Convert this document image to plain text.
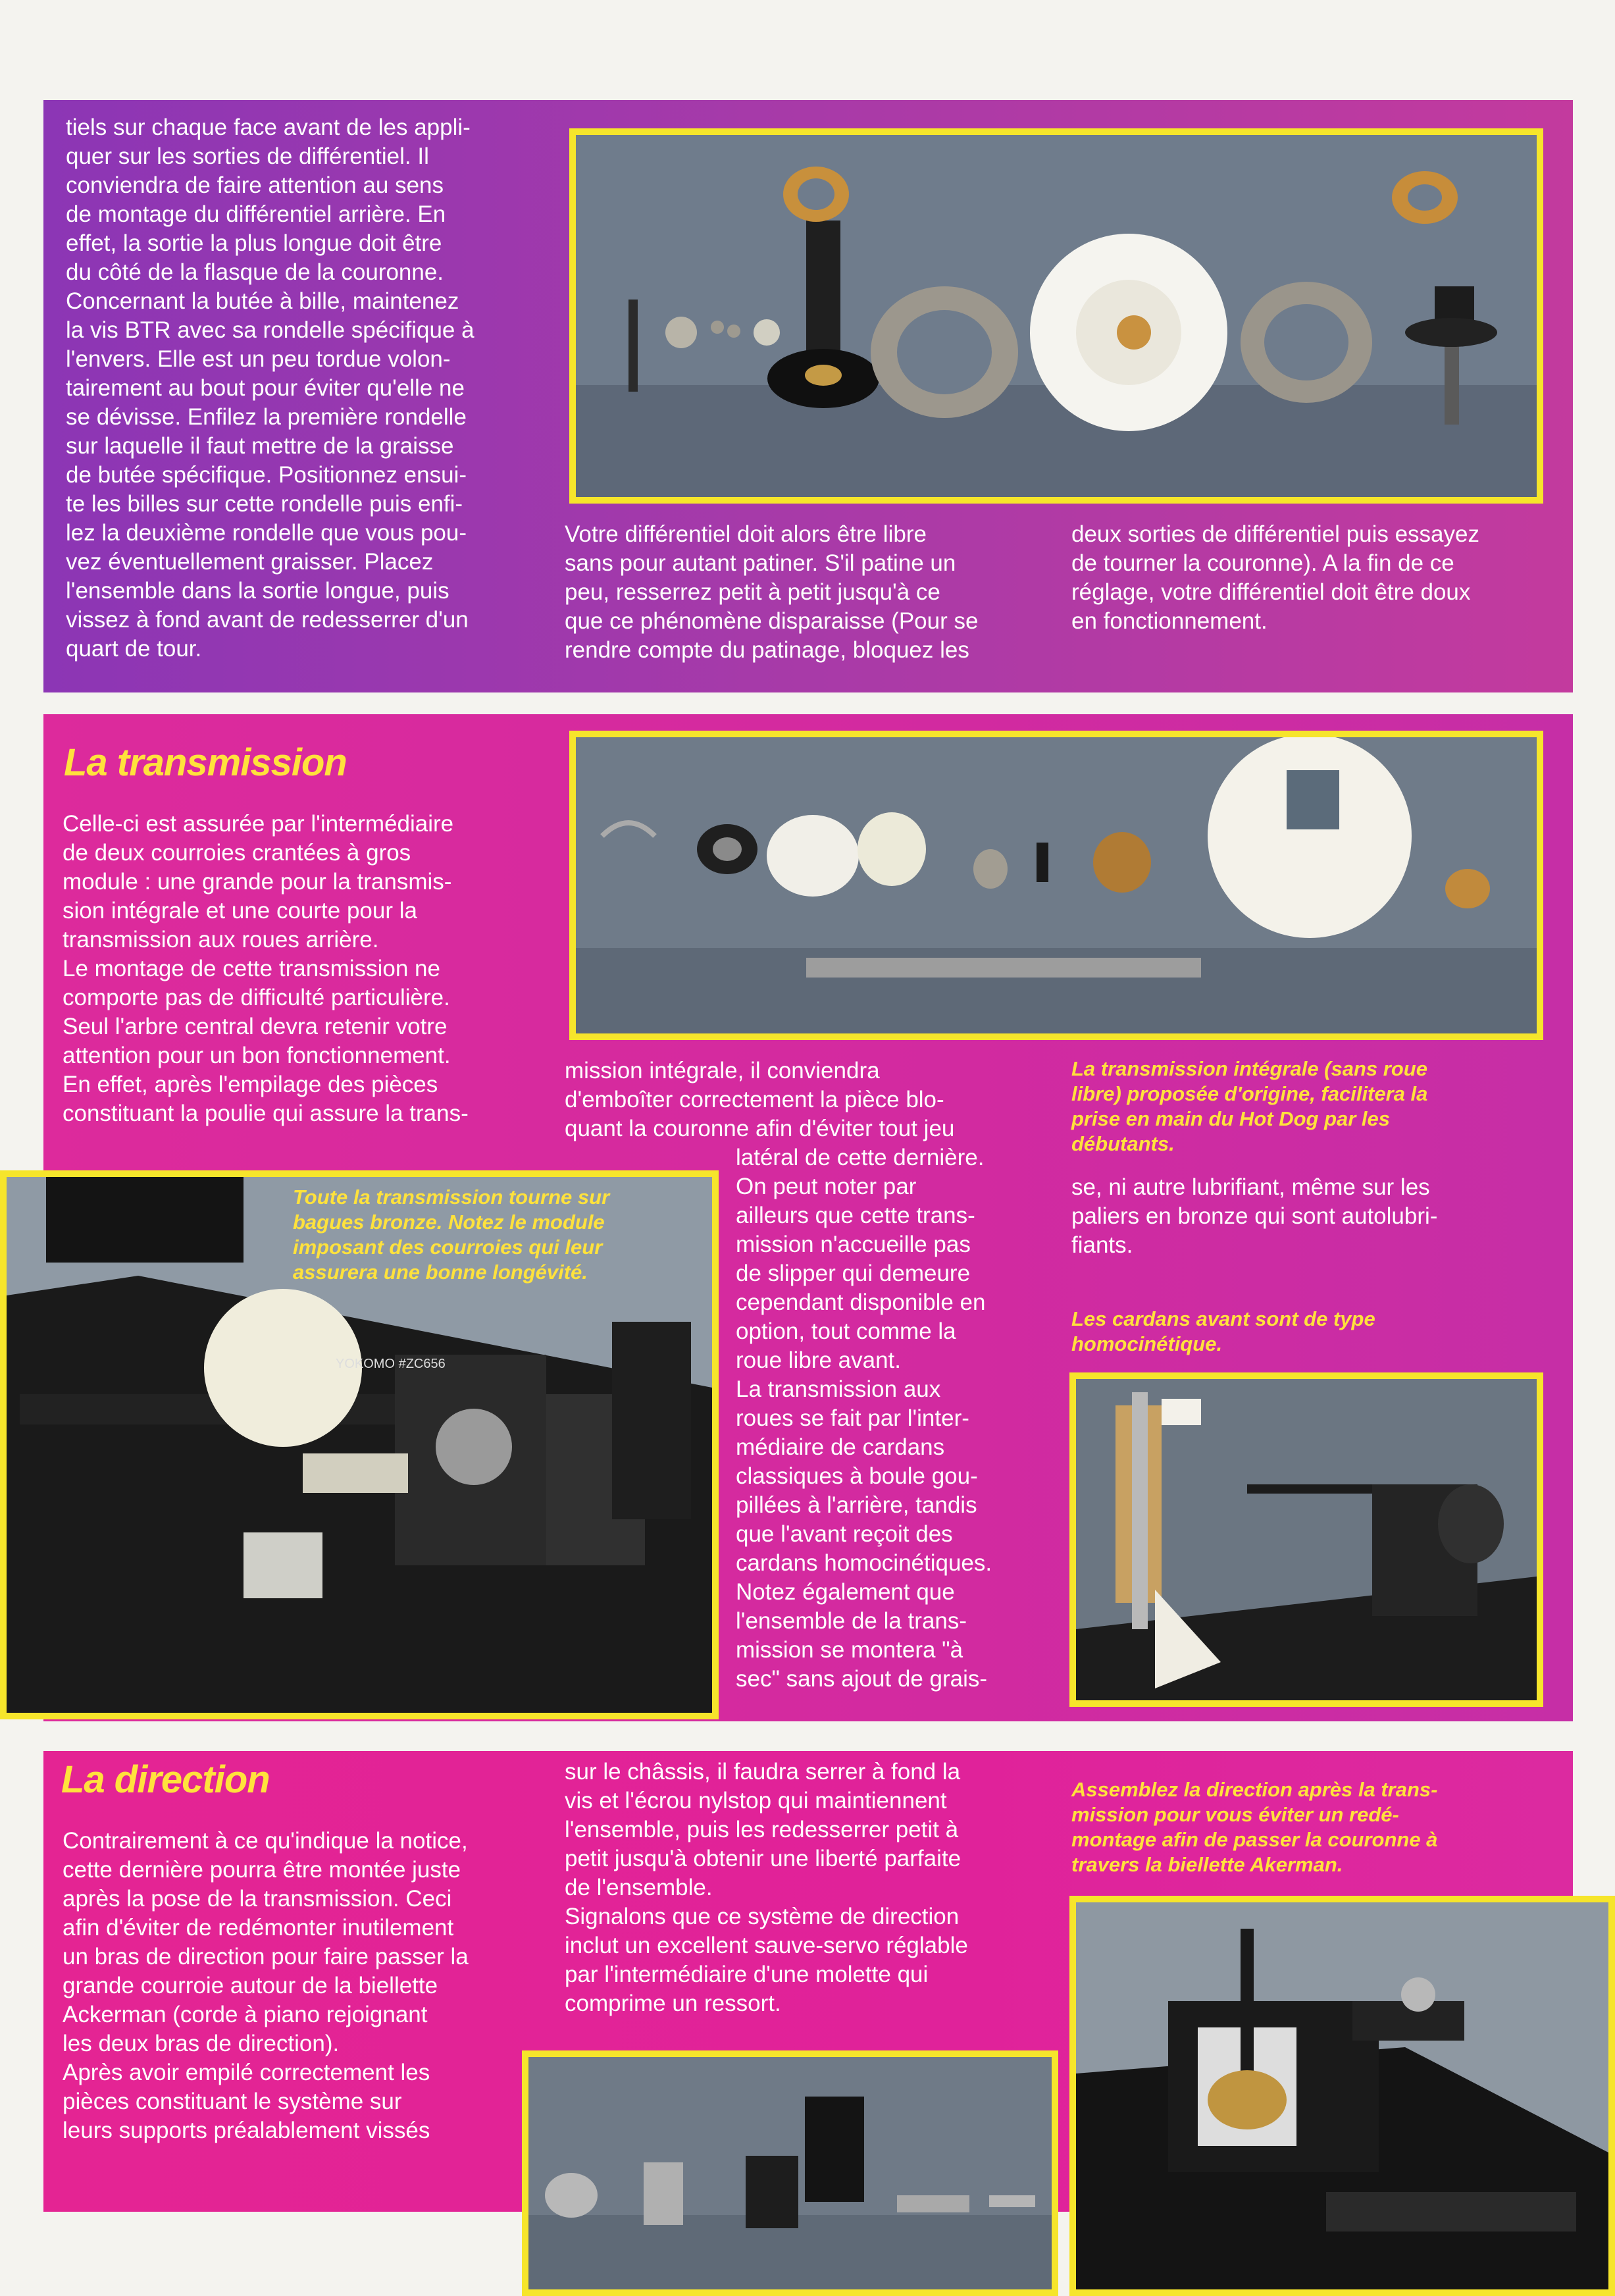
tiels sur chaque face avant de les appli-
quer sur les sorties de différentiel. Il
conviendra de faire attention au sens
de montage du différentiel arrière. En
effet, la sortie la plus longue doit être
du côté de la flasque de la couronne.
Concernant la butée à bille, maintenez
la vis BTR avec sa rondelle spécifique à
l'envers. Elle est un peu tordue volon-
tairement au bout pour éviter qu'elle ne
se dévisse. Enfilez la première rondelle
sur laquelle il faut mettre de la graisse
de butée spécifique. Positionnez ensui-
te les billes sur cette rondelle puis enfi-
lez la deuxième rondelle que vous pou-
vez éventuellement graisser. Placez
l'ensemble dans la sortie longue, puis
vissez à fond avant de redesserrer d'un
quart de tour.
Votre différentiel doit alors être libre
sans pour autant patiner. S'il patine un
peu, resserrez petit à petit jusqu'à ce
que ce phénomène disparaisse (Pour se
rendre compte du patinage, bloquez les
deux sorties de différentiel puis essayez
de tourner la couronne). A la fin de ce
réglage, votre différentiel doit être doux
en fonctionnement.
La transmission
Celle-ci est assurée par l'intermédiaire
de deux courroies crantées à gros
module : une grande pour la transmis-
sion intégrale et une courte pour la
transmission aux roues arrière.
Le montage de cette transmission ne
comporte pas de difficulté particulière.
Seul l'arbre central devra retenir votre
attention pour un bon fonctionnement.
En effet, après l'empilage des pièces
constituant la poulie qui assure la trans-
mission intégrale, il conviendra
d'emboîter correctement la pièce blo-
quant la couronne afin d'éviter tout jeu
La transmission intégrale (sans roue
libre) proposée d'origine, facilitera la
prise en main du Hot Dog par les
débutants.
YOKOMO #ZC656
Toute la transmission tourne sur
bagues bronze. Notez le module
imposant des courroies qui leur
assurera une bonne longévité.
latéral de cette dernière.
On peut noter par
ailleurs que cette trans-
mission n'accueille pas
de slipper qui demeure
cependant disponible en
option, tout comme la
roue libre avant.
La transmission aux
roues se fait par l'inter-
médiaire de cardans
classiques à boule gou-
pillées à l'arrière, tandis
que l'avant reçoit des
cardans homocinétiques.
Notez également que
l'ensemble de la trans-
mission se montera "à
sec" sans ajout de grais-
se, ni autre lubrifiant, même sur les
paliers en bronze qui sont autolubri-
fiants.
Les cardans avant sont de type
homocinétique.
La direction
Contrairement à ce qu'indique la notice,
cette dernière pourra être montée juste
après la pose de la transmission. Ceci
afin d'éviter de redémonter inutilement
un bras de direction pour faire passer la
grande courroie autour de la biellette
Ackerman (corde à piano rejoignant
les deux bras de direction).
Après avoir empilé correctement les
pièces constituant le système sur
leurs supports préalablement vissés
sur le châssis, il faudra serrer à fond la
vis et l'écrou nylstop qui maintiennent
l'ensemble, puis les redesserrer petit à
petit jusqu'à obtenir une liberté parfaite
de l'ensemble.
Signalons que ce système de direction
inclut un excellent sauve-servo réglable
par l'intermédiaire d'une molette qui
comprime un ressort.
Assemblez la direction après la trans-
mission pour vous éviter un redé-
montage afin de passer la couronne à
travers la biellette Akerman.
